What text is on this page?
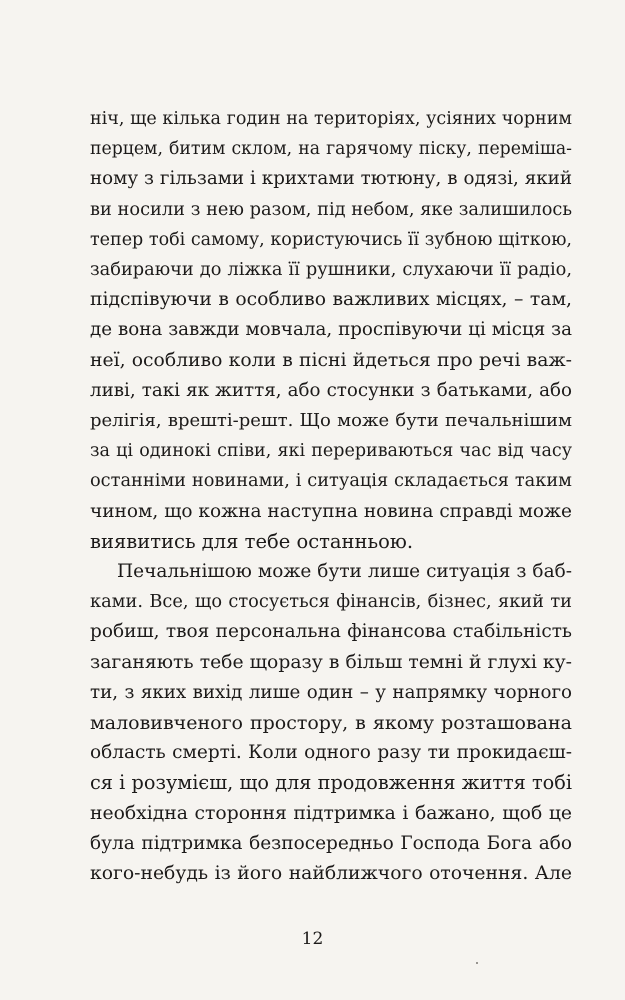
ніч, ще кілька годин на територіях, усіяних чорним
перцем, битим склом, на гарячому піску, переміша-
ному з гільзами і крихтами тютюну, в одязі, який
ви носили з нею разом, під небом, яке залишилось
тепер тобі самому, користуючись її зубною щіткою,
забираючи до ліжка її рушники, слухаючи її радіо,
підспівуючи в особливо важливих місцях, – там,
де вона завжди мовчала, проспівуючи ці місця за
неї, особливо коли в пісні йдеться про речі важ-
ливі, такі як життя, або стосунки з батьками, або
релігія, врешті-решт. Що може бути печальнішим
за ці одинокі співи, які перериваються час від часу
останніми новинами, і ситуація складається таким
чином, що кожна наступна новина справді може
виявитись для тебе останньою.
Печальнішою може бути лише ситуація з баб-
ками. Все, що стосується фінансів, бізнес, який ти
робиш, твоя персональна фінансова стабільність
заганяють тебе щоразу в більш темні й глухі ку-
ти, з яких вихід лише один – у напрямку чорного
маловивченого простору, в якому розташована
область смерті. Коли одного разу ти прокидаєш-
ся і розумієш, що для продовження життя тобі
необхідна стороння підтримка і бажано, щоб це
була підтримка безпосередньо Господа Бога або
кого-небудь із його найближчого оточення. Але
12
